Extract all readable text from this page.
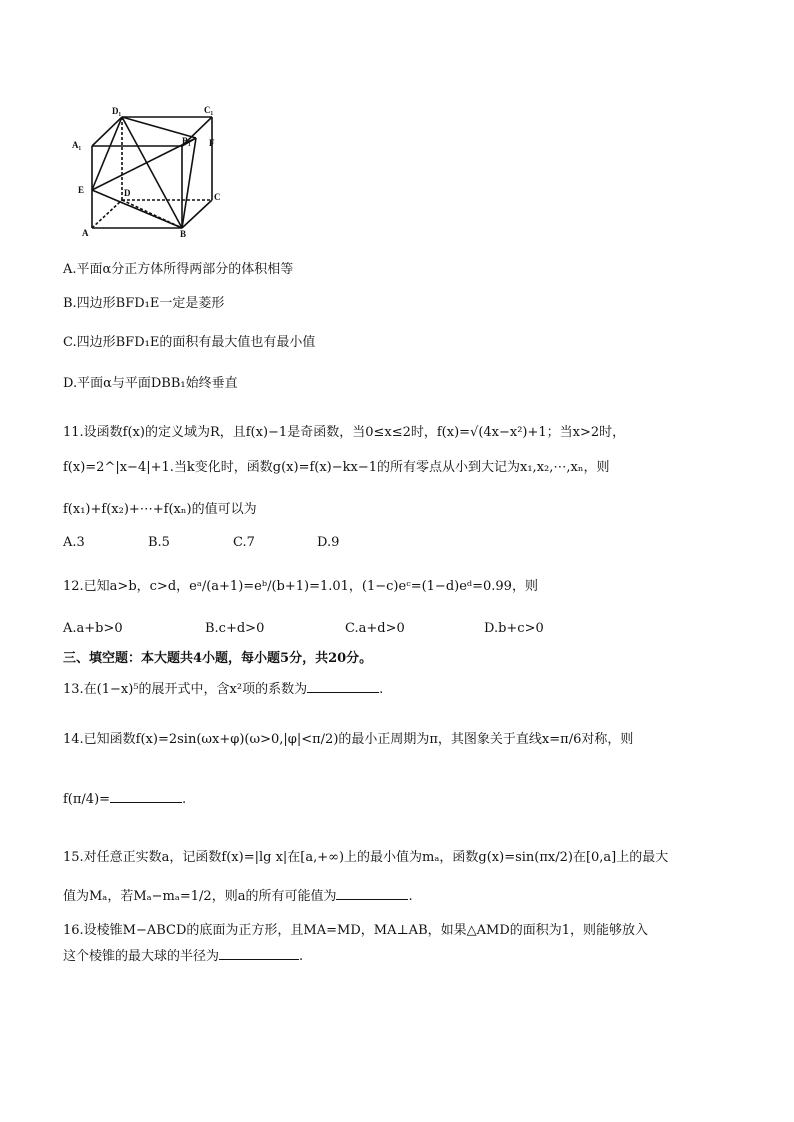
D₁	C₁
A₁	B₁ F
E	D	C
A	B
A.平面α分正方体所得两部分的体积相等
B.四边形BFD₁E一定是菱形
C.四边形BFD₁E的面积有最大值也有最小值
D.平面α与平面DBB₁始终垂直
11.设函数f(x)的定义域为R，且f(x)−1是奇函数，当0≤x≤2时，f(x)=√(4x−x²)+1；当x>2时，
f(x)=2^|x−4|+1.当k变化时，函数g(x)=f(x)−kx−1的所有零点从小到大记为x₁,x₂,⋯,xₙ，则
f(x₁)+f(x₂)+⋯+f(xₙ)的值可以为
A.3	B.5	C.7	D.9
12.已知a>b，c>d，eᵃ/(a+1)=eᵇ/(b+1)=1.01，(1−c)eᶜ=(1−d)eᵈ=0.99，则
A.a+b>0	B.c+d>0	C.a+d>0	D.b+c>0
三、填空题：本大题共4小题，每小题5分，共20分。
13.在(1−x)⁵的展开式中，含x²项的系数为	.
14.已知函数f(x)=2sin(ωx+φ)(ω>0,|φ|<π/2)的最小正周期为π，其图象关于直线x=π/6对称，则
f(π/4)=	.
15.对任意正实数a，记函数f(x)=|lg x|在[a,+∞)上的最小值为mₐ，函数g(x)=sin(πx/2)在[0,a]上的最大
值为Mₐ，若Mₐ−mₐ=1/2，则a的所有可能值为	.
16.设棱锥M−ABCD的底面为正方形，且MA=MD，MA⊥AB，如果△AMD的面积为1，则能够放入
这个棱锥的最大球的半径为	.
